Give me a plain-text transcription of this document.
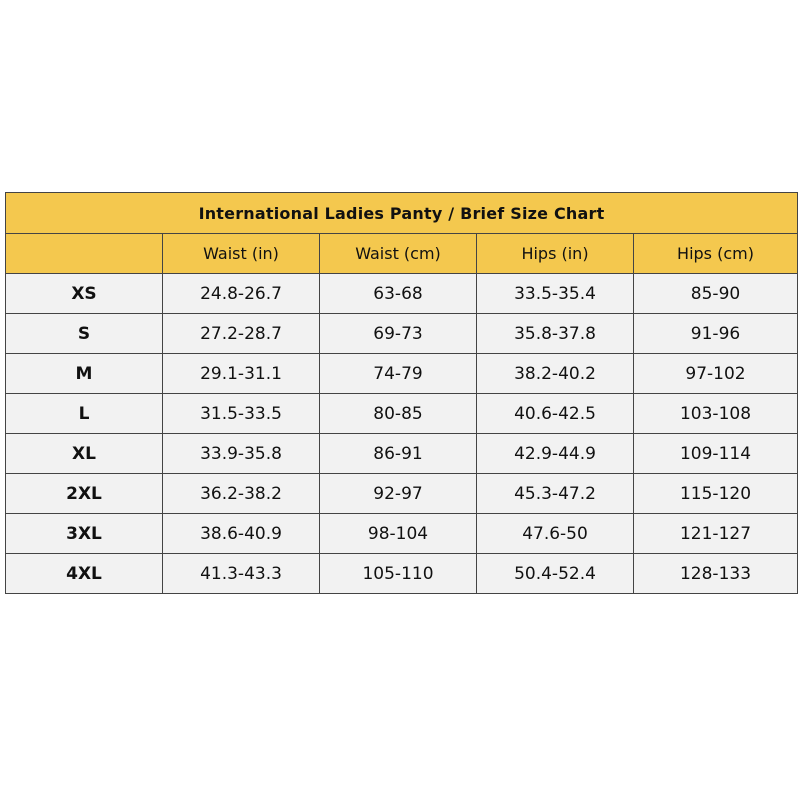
International Ladies Panty / Brief Size Chart				
	Waist (in)	Waist (cm)	Hips (in)	Hips (cm)
XS	24.8-26.7	63-68	33.5-35.4	85-90
S	27.2-28.7	69-73	35.8-37.8	91-96
M	29.1-31.1	74-79	38.2-40.2	97-102
L	31.5-33.5	80-85	40.6-42.5	103-108
XL	33.9-35.8	86-91	42.9-44.9	109-114
2XL	36.2-38.2	92-97	45.3-47.2	115-120
3XL	38.6-40.9	98-104	47.6-50	121-127
4XL	41.3-43.3	105-110	50.4-52.4	128-133
